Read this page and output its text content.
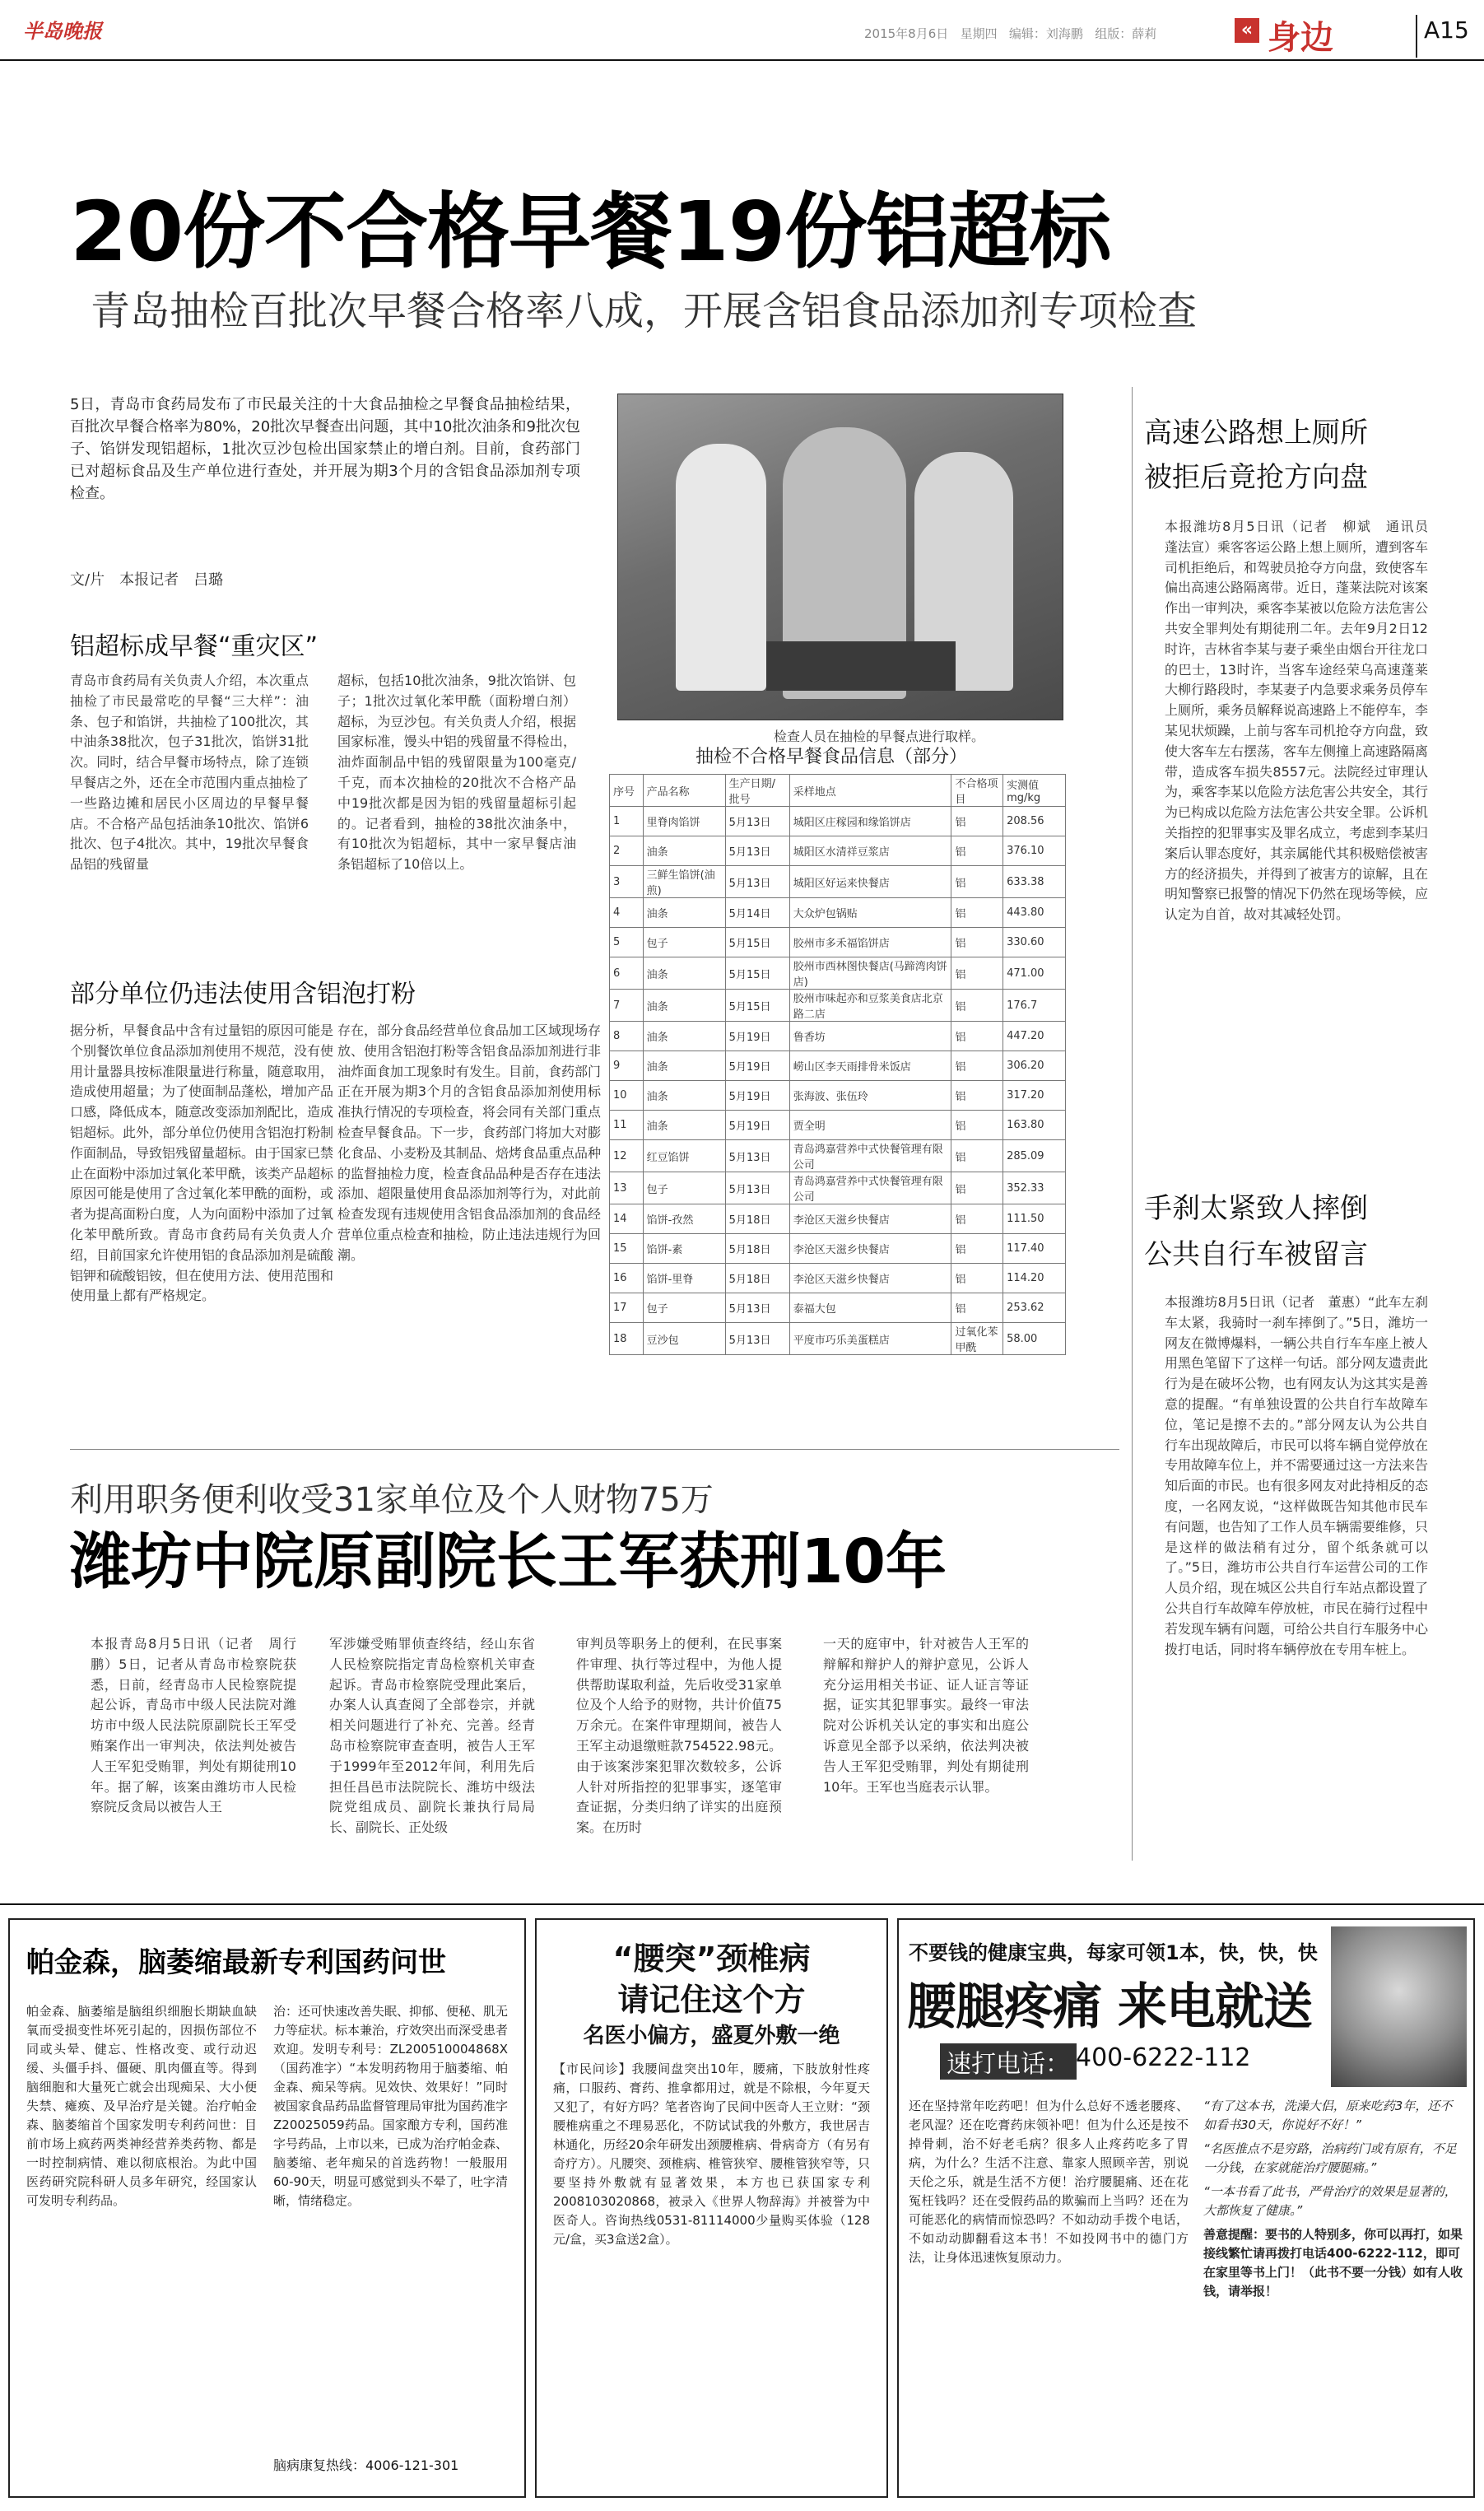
半岛晚报	2015年8月6日 星期四 编辑：刘海鹏 组版：薛莉	« 身边	A15
20份不合格早餐19份铝超标
青岛抽检百批次早餐合格率八成，开展含铝食品添加剂专项检查
5日，青岛市食药局发布了市民最关注的十大食品抽检之早餐食品抽检结果，百批次早餐合格率为80%，20批次早餐查出问题，其中10批次油条和9批次包子、馅饼发现铝超标，1批次豆沙包检出国家禁止的增白剂。目前，食药部门已对超标食品及生产单位进行查处，并开展为期3个月的含铝食品添加剂专项检查。
文/片　本报记者　吕璐
铝超标成早餐“重灾区”
青岛市食药局有关负责人介绍，本次重点抽检了市民最常吃的早餐“三大样”：油条、包子和馅饼，共抽检了100批次，其中油条38批次，包子31批次，馅饼31批次。同时，结合早餐市场特点，除了连锁早餐店之外，还在全市范围内重点抽检了一些路边摊和居民小区周边的早餐早餐店。不合格产品包括油条10批次、馅饼6批次、包子4批次。其中，19批次早餐食品铝的残留量
超标，包括10批次油条，9批次馅饼、包子；1批次过氧化苯甲酰（面粉增白剂）超标，为豆沙包。有关负责人介绍，根据国家标准，馒头中铝的残留量不得检出，油炸面制品中铝的残留限量为100毫克/千克，而本次抽检的20批次不合格产品中19批次都是因为铝的残留量超标引起的。记者看到，抽检的38批次油条中，有10批次为铝超标，其中一家早餐店油条铝超标了10倍以上。
部分单位仍违法使用含铝泡打粉
据分析，早餐食品中含有过量铝的原因可能是个别餐饮单位食品添加剂使用不规范，没有使用计量器具按标准限量进行称量，随意取用，造成使用超量；为了使面制品蓬松，增加产品口感，降低成本，随意改变添加剂配比，造成铝超标。此外，部分单位仍使用含铝泡打粉制作面制品，导致铝残留量超标。由于国家已禁止在面粉中添加过氧化苯甲酰，该类产品超标原因可能是使用了含过氧化苯甲酰的面粉，或者为提高面粉白度，人为向面粉中添加了过氧化苯甲酰所致。青岛市食药局有关负责人介绍，目前国家允许使用铝的食品添加剂是硫酸铝钾和硫酸铝铵，但在使用方法、使用范围和使用量上都有严格规定。
存在，部分食品经营单位食品加工区域现场存放、使用含铝泡打粉等含铝食品添加剂进行非油炸面食加工现象时有发生。目前，食药部门正在开展为期3个月的含铝食品添加剂使用标准执行情况的专项检查，将会同有关部门重点检查早餐食品。下一步，食药部门将加大对膨化食品、小麦粉及其制品、焙烤食品重点品种的监督抽检力度，检查食品品种是否存在违法添加、超限量使用食品添加剂等行为，对此前检查发现有违规使用含铝食品添加剂的食品经营单位重点检查和抽检，防止违法违规行为回潮。
检查人员在抽检的早餐点进行取样。
抽检不合格早餐食品信息（部分）
序号	产品名称	生产日期/批号	采样地点	不合格项目	实测值mg/kg
1	里脊肉馅饼	5月13日	城阳区庄稼园和缘馅饼店	铝	208.56
2	油条	5月13日	城阳区水清祥豆浆店	铝	376.10
3	三鲜生馅饼(油煎)	5月13日	城阳区好运来快餐店	铝	633.38
4	油条	5月14日	大众炉包锅贴	铝	443.80
5	包子	5月15日	胶州市多禾福馅饼店	铝	330.60
6	油条	5月15日	胶州市西林图快餐店(马蹄湾肉饼店)	铝	471.00
7	油条	5月15日	胶州市味起亦和豆浆美食店北京路二店	铝	176.7
8	油条	5月19日	鲁香坊	铝	447.20
9	油条	5月19日	崂山区李天雨排骨米饭店	铝	306.20
10	油条	5月19日	张海波、张伍玲	铝	317.20
11	油条	5月19日	贾全明	铝	163.80
12	红豆馅饼	5月13日	青岛鸿嘉营养中式快餐管理有限公司	铝	285.09
13	包子	5月13日	青岛鸿嘉营养中式快餐管理有限公司	铝	352.33
14	馅饼-孜然	5月18日	李沧区天滋乡快餐店	铝	111.50
15	馅饼-素	5月18日	李沧区天滋乡快餐店	铝	117.40
16	馅饼-里脊	5月18日	李沧区天滋乡快餐店	铝	114.20
17	包子	5月13日	泰福大包	铝	253.62
18	豆沙包	5月13日	平度市巧乐美蛋糕店	过氧化苯甲酰	58.00
高速公路想上厕所
被拒后竟抢方向盘
本报潍坊8月5日讯（记者　柳斌　通讯员　蓬法宣）乘客客运公路上想上厕所，遭到客车司机拒绝后，和驾驶员抢夺方向盘，致使客车偏出高速公路隔离带。近日，蓬莱法院对该案作出一审判决，乘客李某被以危险方法危害公共安全罪判处有期徒刑二年。去年9月2日12时许，吉林省李某与妻子乘坐由烟台开往龙口的巴士，13时许，当客车途经荣乌高速蓬莱大柳行路段时，李某妻子内急要求乘务员停车上厕所，乘务员解释说高速路上不能停车，李某见状烦躁，上前与客车司机抢夺方向盘，致使大客车左右摆荡，客车左侧撞上高速路隔离带，造成客车损失8557元。法院经过审理认为，乘客李某以危险方法危害公共安全，其行为已构成以危险方法危害公共安全罪。公诉机关指控的犯罪事实及罪名成立，考虑到李某归案后认罪态度好，其亲属能代其积极赔偿被害方的经济损失，并得到了被害方的谅解，且在明知警察已报警的情况下仍然在现场等候，应认定为自首，故对其减轻处罚。
手刹太紧致人摔倒
公共自行车被留言
本报潍坊8月5日讯（记者　董惠）“此车左刹车太紧，我骑时一刹车摔倒了。”5日，潍坊一网友在微博爆料，一辆公共自行车车座上被人用黑色笔留下了这样一句话。部分网友遗责此行为是在破坏公物，也有网友认为这其实是善意的提醒。“有单独设置的公共自行车故障车位，笔记是擦不去的。”部分网友认为公共自行车出现故障后，市民可以将车辆自觉停放在专用故障车位上，并不需要通过这一方法来告知后面的市民。也有很多网友对此持相反的态度，一名网友说，“这样做既告知其他市民车有问题，也告知了工作人员车辆需要维修，只是这样的做法稍有过分，留个纸条就可以了。”5日，潍坊市公共自行车运营公司的工作人员介绍，现在城区公共自行车站点都设置了公共自行车故障车停放桩，市民在骑行过程中若发现车辆有问题，可给公共自行车服务中心拨打电话，同时将车辆停放在专用车桩上。
利用职务便利收受31家单位及个人财物75万
潍坊中院原副院长王军获刑10年
本报青岛8月5日讯（记者　周行鹏）5日，记者从青岛市检察院获悉，日前，经青岛市人民检察院提起公诉，青岛市中级人民法院对潍坊市中级人民法院原副院长王军受贿案作出一审判决，依法判处被告人王军犯受贿罪，判处有期徒刑10年。据了解，该案由潍坊市人民检察院反贪局以被告人王
军涉嫌受贿罪侦查终结，经山东省人民检察院指定青岛检察机关审查起诉。青岛市检察院受理此案后，办案人认真查阅了全部卷宗，并就相关问题进行了补充、完善。经青岛市检察院审查查明，被告人王军于1999年至2012年间，利用先后担任昌邑市法院院长、潍坊中级法院党组成员、副院长兼执行局局长、副院长、正处级
审判员等职务上的便利，在民事案件审理、执行等过程中，为他人提供帮助谋取利益，先后收受31家单位及个人给予的财物，共计价值75万余元。在案件审理期间，被告人王军主动退缴赃款754522.98元。由于该案涉案犯罪次数较多，公诉人针对所指控的犯罪事实，逐笔审查证据，分类归纳了详实的出庭预案。在历时
一天的庭审中，针对被告人王军的辩解和辩护人的辩护意见，公诉人充分运用相关书证、证人证言等证据，证实其犯罪事实。最终一审法院对公诉机关认定的事实和出庭公诉意见全部予以采纳，依法判决被告人王军犯受贿罪，判处有期徒刑10年。王军也当庭表示认罪。
帕金森，脑萎缩最新专利国药问世
帕金森、脑萎缩是脑组织细胞长期缺血缺氧而受损变性坏死引起的，因损伤部位不同或头晕、健忘、性格改变、或行动迟缓、头僵手抖、僵硬、肌肉僵直等。得到脑细胞和大量死亡就会出现痴呆、大小便失禁、瘫痪、及早治疗是关键。治疗帕金森、脑萎缩首个国家发明专利药问世：目前市场上疯药两类神经营养类药物、都是一时控制病情、难以彻底根治。为此中国医药研究院科研人员多年研究，经国家认可发明专利药品。
治：还可快速改善失眠、抑郁、便秘、肌无力等症状。标本兼治，疗效突出而深受患者欢迎。发明专利号：ZL200510004868X（国药准字）“本发明药物用于脑萎缩、帕金森、痴呆等病。见效快、效果好！”同时被国家食品药品监督管理局审批为国药准字Z20025059药品。国家酿方专利，国药准字号药品，上市以来，已成为治疗帕金森、脑萎缩、老年痴呆的首选药物！一般服用60-90天，明显可感觉到头不晕了，吐字清晰，情绪稳定。
脑病康复热线：4006-121-301
“腰突”颈椎病
请记住这个方
名医小偏方，盛夏外敷一绝
【市民问诊】我腰间盘突出10年，腰痛，下肢放射性疼痛，口服药、膏药、推拿都用过，就是不除根，今年夏天又犯了，有好方吗？笔者咨询了民间中医奇人王立财：“颈腰椎病重之不理易恶化，不防试试我的外敷方，我世居吉林通化，历经20余年研发出颈腰椎病、骨病奇方（有另有奇疗方）。凡腰突、颈椎病、椎管狭窄、腰椎管狭窄等，只要坚持外敷就有显著效果，本方也已获国家专利2008103020868，被录入《世界人物辞海》并被誉为中医奇人。咨询热线0531-81114000少量购买体验（128元/盒，买3盒送2盒）。
不要钱的健康宝典，每家可领1本，快，快，快
腰腿疼痛 来电就送
速打电话： 400-6222-112
还在坚持常年吃药吧！但为什么总好不透老腰疼、老风湿？还在吃膏药床领补吧！但为什么还是按不掉骨刺，治不好老毛病？很多人止疼药吃多了胃病，为什么？生活不注意、靠家人照顾辛苦，别说天伦之乐，就是生活不方便！治疗腰腿痛、还在花冤枉钱吗？还在受假药品的欺骗而上当吗？还在为可能恶化的病情而惊恐吗？不如动动手拨个电话，不如动动脚翻看这本书！不如投网书中的德门方法，让身体迅速恢复原动力。
“有了这本书，洗澡大侣，原来吃药3年，还不如看书30天，你说好不好！”
“名医推点不是穷路，治病药门或有原有，不足一分钱，在家就能治疗腰腿痛。”
“一本书看了此书，严骨治疗的效果是显著的，大都恢复了健康。”
善意提醒：要书的人特别多，你可以再打，如果接线繁忙请再拨打电话400-6222-112，即可在家里等书上门！（此书不要一分钱）如有人收钱，请举报！
